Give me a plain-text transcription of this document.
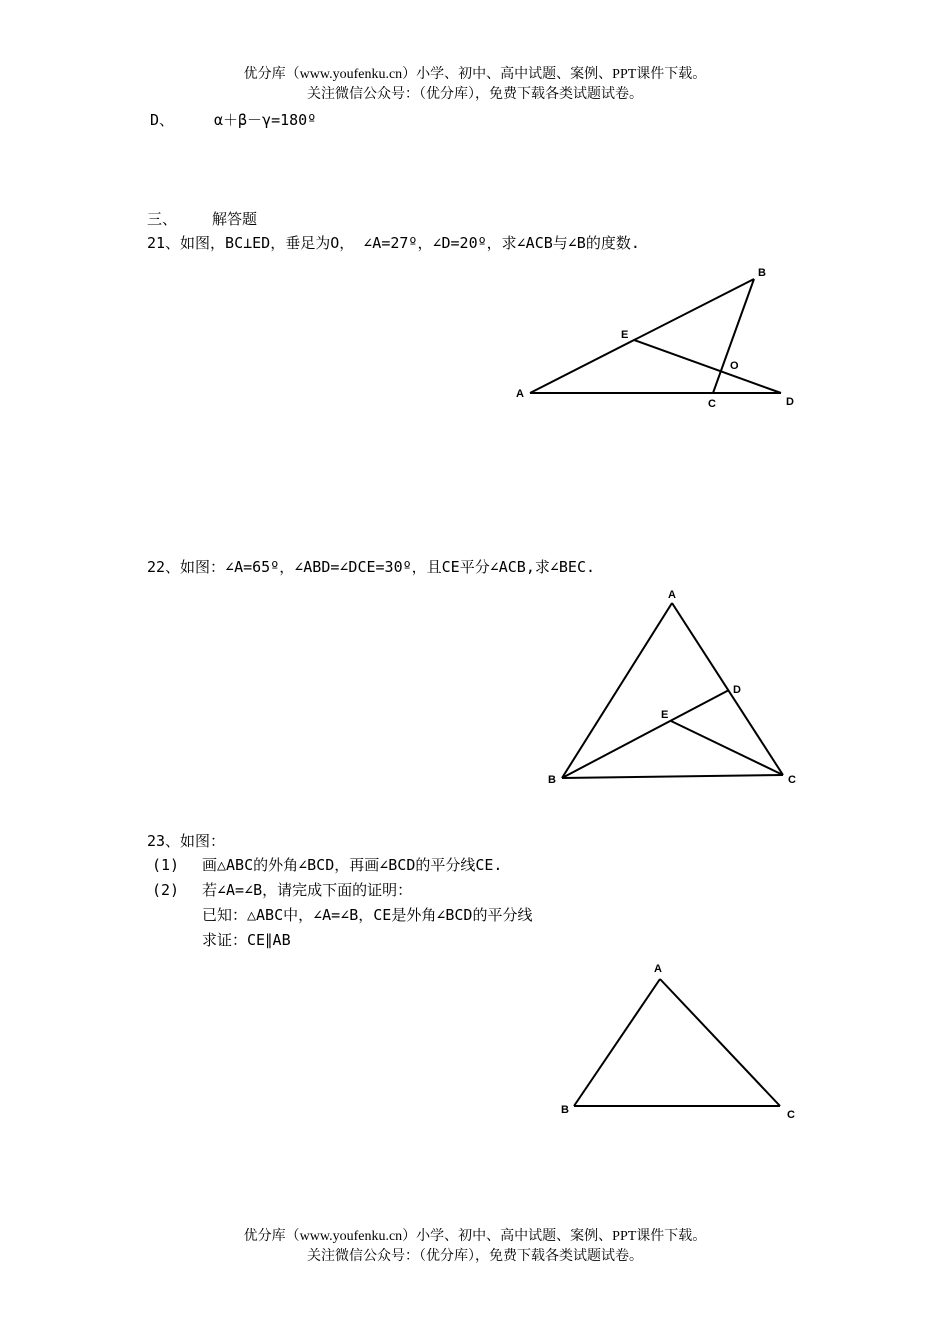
优分库（www.youfenku.cn）小学、初中、高中试题、案例、PPT课件下载。
关注微信公众号：（优分库），免费下载各类试题试卷。
D、	α＋β－γ=180º
三、 解答题
21、如图，BC⊥ED，垂足为O， ∠A=27º，∠D=20º，求∠ACB与∠B的度数.
A
B
C	D
E
O
22、如图：∠A=65º，∠ABD=∠DCE=30º，且CE平分∠ACB,求∠BEC.
A
B	C
D
E
23、如图：
(1) 画△ABC的外角∠BCD，再画∠BCD的平分线CE.
(2) 若∠A=∠B，请完成下面的证明：
已知：△ABC中，∠A=∠B，CE是外角∠BCD的平分线
求证：CE∥AB
A
B	C
优分库（www.youfenku.cn）小学、初中、高中试题、案例、PPT课件下载。
关注微信公众号：（优分库），免费下载各类试题试卷。
